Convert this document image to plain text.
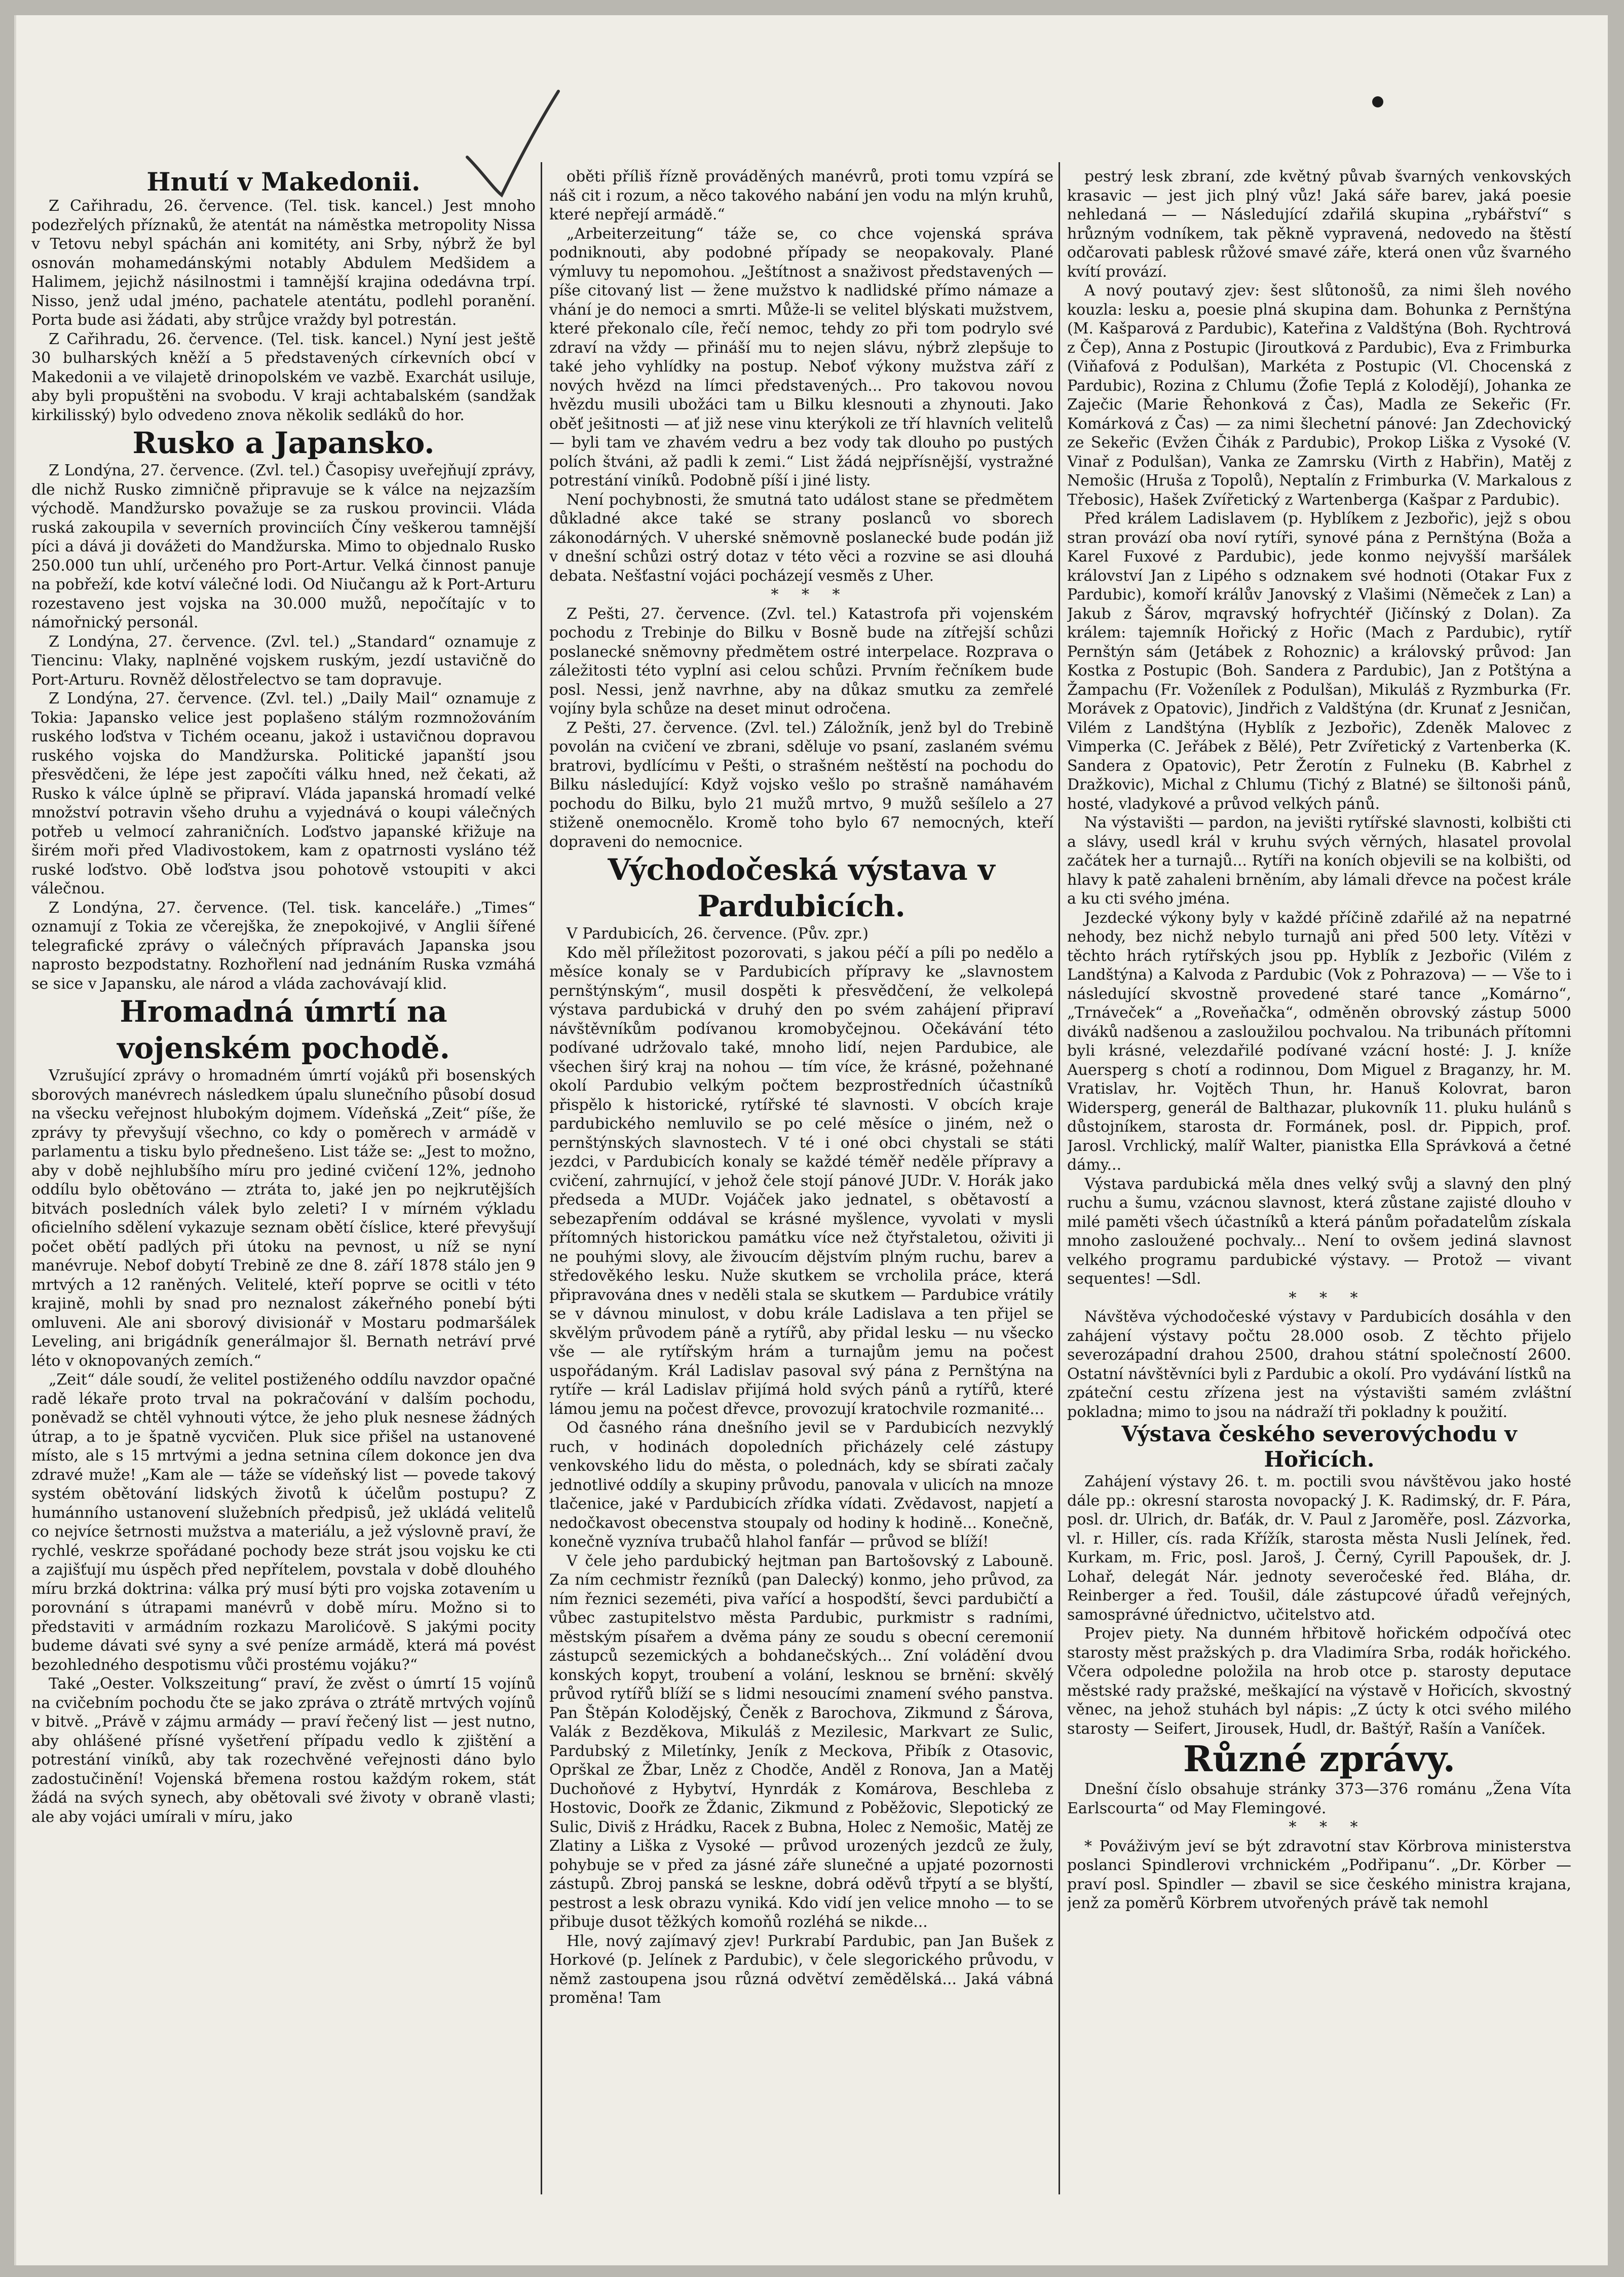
Hnutí v Makedonii.

Z Cařihradu, 26. července. (Tel. tisk. kancel.) Jest mnoho podezřelých příznaků, že atentát na náměstka metropolity Nissa v Tetovu nebyl spáchán ani komitéty, ani Srby, nýbrž že byl osnován mohamedánskými notably Abdulem Medšidem a Halimem, jejichž násilnostmi i tamnější krajina odedávna trpí. Nisso, jenž udal jméno, pachatele atentátu, podlehl poranění. Porta bude asi žádati, aby strůjce vraždy byl potrestán.

Z Cařihradu, 26. července. (Tel. tisk. kancel.) Nyní jest ještě 30 bulharských kněží a 5 představených církevních obcí v Makedonii a ve vilajetě drinopolském ve vazbě. Exarchát usiluje, aby byli propuštěni na svobodu. V kraji achtabalském (sandžak kirkilisský) bylo odvedeno znova několik sedláků do hor.

Rusko a Japansko.

Z Londýna, 27. července. (Zvl. tel.) Časopisy uveřejňují zprávy, dle nichž Rusko zimničně připravuje se k válce na nejzazším východě. Mandžursko považuje se za ruskou provincii. Vláda ruská zakoupila v severních provinciích Číny veškerou tamnější píci a dává ji dovážeti do Mandžurska. Mimo to objednalo Rusko 250.000 tun uhlí, určeného pro Port-Artur. Velká činnost panuje na pobřeží, kde kotví válečné lodi. Od Niučangu až k Port-Arturu rozestaveno jest vojska na 30.000 mužů, nepočítajíc v to námořnický personál.

Z Londýna, 27. července. (Zvl. tel.) „Standard“ oznamuje z Tiencinu: Vlaky, naplněné vojskem ruským, jezdí ustavičně do Port-Arturu. Rovněž dělostřelectvo se tam dopravuje.

Z Londýna, 27. července. (Zvl. tel.) „Daily Mail“ oznamuje z Tokia: Japansko velice jest poplašeno stálým rozmnožováním ruského loďstva v Tichém oceanu, jakož i ustavičnou dopravou ruského vojska do Mandžurska. Politické japanští jsou přesvědčeni, že lépe jest započíti válku hned, než čekati, až Rusko k válce úplně se připraví. Vláda japanská hromadí velké množství potravin všeho druhu a vyjednává o koupi válečných potřeb u velmocí zahraničních. Loďstvo japanské křižuje na širém moři před Vladivostokem, kam z opatrnosti vysláno též ruské loďstvo. Obě loďstva jsou pohotově vstoupiti v akci válečnou.

Z Londýna, 27. července. (Tel. tisk. kanceláře.) „Times“ oznamují z Tokia ze včerejška, že znepokojivé, v Anglii šířené telegrafické zprávy o válečných přípravách Japanska jsou naprosto bezpodstatny. Rozhořlení nad jednáním Ruska vzmáhá se sice v Japansku, ale národ a vláda zachovávají klid.

Hromadná úmrtí na vojenském pochodě.

Vzrušující zprávy o hromadném úmrtí vojáků při bosenských sborových manévrech následkem úpalu slunečního působí dosud na všecku veřejnost hlubokým dojmem. Vídeňská „Zeit“ píše, že zprávy ty převyšují všechno, co kdy o poměrech v armádě v parlamentu a tisku bylo přednešeno. List táže se: „Jest to možno, aby v době nejhlubšího míru pro jediné cvičení 12%, jednoho oddílu bylo obětováno — ztráta to, jaké jen po nejkrutějších bitvách posledních válek bylo zeleti? I v mírném výkladu oficielního sdělení vykazuje seznam obětí číslice, které převyšují počet obětí padlých při útoku na pevnost, u níž se nyní manévruje. Nebof dobytí Trebině ze dne 8. září 1878 stálo jen 9 mrtvých a 12 raněných. Velitelé, kteří poprve se ocitli v této krajině, mohli by snad pro neznalost zákeřného ponebí býti omluveni. Ale ani sborový divisionář v Mostaru podmaršálek Leveling, ani brigádník generálmajor šl. Bernath netráví prvé léto v oknopovaných zemích.“

„Zeit“ dále soudí, že velitel postiženého oddílu navzdor opačné radě lékaře proto trval na pokračování v dalším pochodu, poněvadž se chtěl vyhnouti výtce, že jeho pluk nesnese žádných útrap, a to je špatně vycvičen. Pluk sice přišel na ustanovené místo, ale s 15 mrtvými a jedna setnina cílem dokonce jen dva zdravé muže! „Kam ale — táže se vídeňský list — povede takový systém obětování lidských životů k účelům postupu? Z humánního ustanovení služebních předpisů, jež ukládá velitelů co nejvíce šetrnosti mužstva a materiálu, a jež výslovně praví, že rychlé, veskrze spořádané pochody beze strát jsou vojsku ke cti a zajišťují mu úspěch před nepřítelem, povstala v době dlouhého míru brzká doktrina: válka prý musí býti pro vojska zotavením u porovnání s útrapami manévrů v době míru. Možno si to představiti v armádním rozkazu Marolićově. S jakými pocity budeme dávati své syny a své peníze armádě, která má povést bezohledného despotismu vůči prostému vojáku?“

Také „Oester. Volkszeitung“ praví, že zvěst o úmrtí 15 vojínů na cvičebním pochodu čte se jako zpráva o ztrátě mrtvých vojínů v bitvě. „Právě v zájmu armády — praví řečený list — jest nutno, aby ohlášené přísné vyšetření případu vedlo k zjištění a potrestání viníků, aby tak rozechvěné veřejnosti dáno bylo zadostučinění! Vojenská břemena rostou každým rokem, stát žádá na svých synech, aby obětovali své životy v obraně vlasti; ale aby vojáci umírali v míru, jako

oběti příliš řízně prováděných manévrů, proti tomu vzpírá se náš cit i rozum, a něco takového nabání jen vodu na mlýn kruhů, které nepřejí armádě.“

„Arbeiterzeitung“ táže se, co chce vojenská správa podniknouti, aby podobné případy se neopakovaly. Plané výmluvy tu nepomohou. „Ještítnost a snaživost představených — píše citovaný list — žene mužstvo k nadlidské přímo námaze a vhání je do nemoci a smrti. Může-li se velitel blýskati mužstvem, které překonalo cíle, řečí nemoc, tehdy zo při tom podrylo své zdraví na vždy — přináší mu to nejen slávu, nýbrž zlepšuje to také jeho vyhlídky na postup. Neboť výkony mužstva září z nových hvězd na límci představených... Pro takovou novou hvězdu musili ubožáci tam u Bilku klesnouti a zhynouti. Jako oběť ješitnosti — ať již nese vinu kterýkoli ze tří hlavních velitelů — byli tam ve zhavém vedru a bez vody tak dlouho po pustých polích štváni, až padli k zemi.“ List žádá nejpřísnější, vystražné potrestání viníků. Podobně píší i jiné listy.

Není pochybnosti, že smutná tato událost stane se předmětem důkladné akce také se strany poslanců vo sborech zákonodárných. V uherské sněmovně poslanecké bude podán již v dnešní schůzi ostrý dotaz v této věci a rozvine se asi dlouhá debata. Nešťastní vojáci pocházejí vesměs z Uher.

* * *

Z Pešti, 27. července. (Zvl. tel.) Katastrofa při vojenském pochodu z Trebinje do Bilku v Bosně bude na zítřejší schůzi poslanecké sněmovny předmětem ostré interpelace. Rozprava o záležitosti této vyplní asi celou schůzi. Prvním řečníkem bude posl. Nessi, jenž navrhne, aby na důkaz smutku za zemřelé vojíny byla schůze na deset minut odročena.

Z Pešti, 27. července. (Zvl. tel.) Záložník, jenž byl do Trebině povolán na cvičení ve zbrani, sděluje vo psaní, zaslaném svému bratrovi, bydlícímu v Pešti, o strašném neštěstí na pochodu do Bilku následující: Když vojsko vešlo po strašně namáhavém pochodu do Bilku, bylo 21 mužů mrtvo, 9 mužů sešílelo a 27 stiženě onemocnělo. Kromě toho bylo 67 nemocných, kteří dopraveni do nemocnice.

Východočeská výstava v Pardubicích.

V Pardubicích, 26. července. (Pův. zpr.)

Kdo měl příležitost pozorovati, s jakou péčí a píli po nedělo a měsíce konaly se v Pardubicích přípravy ke „slavnostem pernštýnským“, musil dospěti k přesvědčení, že velkolepá výstava pardubická v druhý den po svém zahájení připraví návštěvníkům podívanou kromobyčejnou. Očekávání této podívané udržovalo také, mnoho lidí, nejen Pardubice, ale všechen širý kraj na nohou — tím více, že krásné, požehnané okolí Pardubio velkým počtem bezprostředních účastníků přispělo k historické, rytířské té slavnosti. V obcích kraje pardubického nemluvilo se po celé měsíce o jiném, než o pernštýnských slavnostech. V té i oné obci chystali se státi jezdci, v Pardubicích konaly se každé téměř neděle přípravy a cvičení, zahrnující, v jehož čele stojí pánové JUDr. V. Horák jako předseda a MUDr. Vojáček jako jednatel, s obětavostí a sebezapřením oddával se krásné myšlence, vyvolati v mysli přítomných historickou památku více než čtyřstaletou, oživiti ji ne pouhými slovy, ale živoucím dějstvím plným ruchu, barev a středověkého lesku. Nuže skutkem se vrcholila práce, která připravována dnes v neděli stala se skutkem — Pardubice vrátily se v dávnou minulost, v dobu krále Ladislava a ten přijel se skvělým průvodem páně a rytířů, aby přidal lesku — nu všecko vše — ale rytířským hrám a turnajům jemu na počest uspořádaným. Král Ladislav pasoval svý pána z Pernštýna na rytíře — král Ladislav přijímá hold svých pánů a rytířů, které lámou jemu na počest dřevce, provozují kratochvile rozmanité...

Od časného rána dnešního jevil se v Pardubicích nezvyklý ruch, v hodinách dopoledních přicházely celé zástupy venkovského lidu do města, o polednách, kdy se sbírati začaly jednotlivé oddíly a skupiny průvodu, panovala v ulicích na mnoze tlačenice, jaké v Pardubicích zřídka vídati. Zvědavost, napjetí a nedočkavost obecenstva stoupaly od hodiny k hodině... Konečně, konečně vyzníva trubačů hlahol fanfár — průvod se blíží!

V čele jeho pardubický hejtman pan Bartošovský z Labouně. Za ním cechmistr řezníků (pan Dalecký) konmo, jeho průvod, za ním řeznici sezeméti, piva vařící a hospodští, ševci pardubičtí a vůbec zastupitelstvo města Pardubic, purkmistr s radními, městským písařem a dvěma pány ze soudu s obecní ceremonií zástupců sezemických a bohdanečských... Zní voládění dvou konských kopyt, troubení a volání, lesknou se brnění: skvělý průvod rytířů blíží se s lidmi nesoucími znamení svého panstva. Pan Štěpán Kolodějský, Čeněk z Barochova, Zikmund z Šárova, Valák z Bezděkova, Mikuláš z Mezilesic, Markvart ze Sulic, Pardubský z Miletínky, Jeník z Meckova, Přibík z Otasovic, Oprškal ze Žbar, Lněz z Chodče, Anděl z Ronova, Jan a Matěj Duchoňové z Hybytví, Hynrdák z Komárova, Beschleba z Hostovic, Doořk ze Ždanic, Zikmund z Poběžovic, Slepotický ze Sulic, Diviš z Hrádku, Racek z Bubna, Holec z Nemošic, Matěj ze Zlatiny a Liška z Vysoké — průvod urozených jezdců ze žuly, pohybuje se v před za jásné záře slunečné a upjaté pozornosti zástupů. Zbroj panská se leskne, dobrá oděvů třpytí a se blyští, pestrost a lesk obrazu vyniká. Kdo vidí jen velice mnoho — to se přibuje dusot těžkých komoňů rozléhá se nikde...

Hle, nový zajímavý zjev! Purkrabí Pardubic, pan Jan Bušek z Horkové (p. Jelínek z Pardubic), v čele slegorického průvodu, v němž zastoupena jsou různá odvětví zemědělská... Jaká vábná proměna! Tam

pestrý lesk zbraní, zde květný půvab švarných venkovských krasavic — jest jich plný vůz! Jaká sáře barev, jaká poesie nehledaná — — Následující zdařilá skupina „rybářství“ s hrůzným vodníkem, tak pěkně vypravená, nedovedo na štěstí odčarovati pablesk růžové smavé záře, která onen vůz švarného kvítí provází.

A nový poutavý zjev: šest slůtonošů, za nimi šleh nového kouzla: lesku a, poesie plná skupina dam. Bohunka z Pernštýna (M. Kašparová z Pardubic), Kateřina z Valdštýna (Boh. Rychtrová z Čep), Anna z Postupic (Jiroutková z Pardubic), Eva z Frimburka (Viňafová z Podulšan), Markéta z Postupic (Vl. Chocenská z Pardubic), Rozina z Chlumu (Žofie Teplá z Kolodějí), Johanka ze Zaječic (Marie Řehonková z Čas), Madla ze Sekeřic (Fr. Komárková z Čas) — za nimi šlechetní pánové: Jan Zdechovický ze Sekeřic (Evžen Čihák z Pardubic), Prokop Liška z Vysoké (V. Vinař z Podulšan), Vanka ze Zamrsku (Virth z Habřin), Matěj z Nemošic (Hruša z Topolů), Neptalín z Frimburka (V. Markalous z Třebosic), Hašek Zvířetický z Wartenberga (Kašpar z Pardubic).

Před králem Ladislavem (p. Hyblíkem z Jezbořic), jejž s obou stran provází oba noví rytíři, synové pána z Pernštýna (Boža a Karel Fuxové z Pardubic), jede konmo nejvyšší maršálek království Jan z Lipého s odznakem své hodnoti (Otakar Fux z Pardubic), komoří králův Janovský z Vlašimi (Němeček z Lan) a Jakub z Šárov, mqravský hofrychtéř (Jičínský z Dolan). Za králem: tajemník Hořický z Hořic (Mach z Pardubic), rytíř Pernštýn sám (Jetábek z Rohoznic) a královský průvod: Jan Kostka z Postupic (Boh. Sandera z Pardubic), Jan z Potštýna a Žampachu (Fr. Voženílek z Podulšan), Mikuláš z Ryzmburka (Fr. Morávek z Opatovic), Jindřich z Valdštýna (dr. Krunať z Jesničan, Vilém z Landštýna (Hyblík z Jezbořic), Zdeněk Malovec z Vimperka (C. Jeřábek z Bělé), Petr Zvířetický z Vartenberka (K. Sandera z Opatovic), Petr Žerotín z Fulneku (B. Kabrhel z Dražkovic), Michal z Chlumu (Tichý z Blatné) se šiltonoši pánů, hosté, vladykové a průvod velkých pánů.

Na výstavišti — pardon, na jevišti rytířské slavnosti, kolbišti cti a slávy, usedl král v kruhu svých věrných, hlasatel provolal začátek her a turnajů... Rytíři na koních objevili se na kolbišti, od hlavy k patě zahaleni brněním, aby lámali dřevce na počest krále a ku cti svého jména.

Jezdecké výkony byly v každé příčině zdařilé až na nepatrné nehody, bez nichž nebylo turnajů ani před 500 lety. Vítězi v těchto hrách rytířských jsou pp. Hyblík z Jezbořic (Vilém z Landštýna) a Kalvoda z Pardubic (Vok z Pohrazova) — — Vše to i následující skvostně provedené staré tance „Komárno“, „Trnáveček“ a „Roveňačka“, odměněn obrovský zástup 5000 diváků nadšenou a zasloužilou pochvalou. Na tribunách přítomni byli krásné, velezdařilé podívané vzácní hosté: J. J. kníže Auersperg s chotí a rodinnou, Dom Miguel z Braganzy, hr. M. Vratislav, hr. Vojtěch Thun, hr. Hanuš Kolovrat, baron Widersperg, generál de Balthazar, plukovník 11. pluku hulánů s důstojníkem, starosta dr. Formánek, posl. dr. Pippich, prof. Jarosl. Vrchlický, malíř Walter, pianistka Ella Správková a četné dámy...

Výstava pardubická měla dnes velký svůj a slavný den plný ruchu a šumu, vzácnou slavnost, která zůstane zajisté dlouho v milé paměti všech účastníků a která pánům pořadatelům získala mnoho zasloužené pochvaly... Není to ovšem jediná slavnost velkého programu pardubické výstavy. — Protož — vivant sequentes! —Sdl.

* * *

Návštěva východočeské výstavy v Pardubicích dosáhla v den zahájení výstavy počtu 28.000 osob. Z těchto přijelo severozápadní drahou 2500, drahou státní společností 2600. Ostatní návštěvníci byli z Pardubic a okolí. Pro vydávání lístků na zpáteční cestu zřízena jest na výstavišti samém zvláštní pokladna; mimo to jsou na nádraží tři pokladny k použití.

Výstava českého severovýchodu v Hořicích.

Zahájení výstavy 26. t. m. poctili svou návštěvou jako hosté dále pp.: okresní starosta novopacký J. K. Radimský, dr. F. Pára, posl. dr. Ulrich, dr. Baťák, dr. V. Paul z Jaroměře, posl. Zázvorka, vl. r. Hiller, cís. rada Křížík, starosta města Nusli Jelínek, řed. Kurkam, m. Fric, posl. Jaroš, J. Černý, Cyrill Papoušek, dr. J. Lohař, delegát Nár. jednoty severočeské řed. Bláha, dr. Reinberger a řed. Toušil, dále zástupcové úřadů veřejných, samosprávné úřednictvo, učitelstvo atd.

Projev piety. Na dunném hřbitově hořickém odpočívá otec starosty měst pražských p. dra Vladimíra Srba, rodák hořického. Včera odpoledne položila na hrob otce p. starosty deputace městské rady pražské, meškající na výstavě v Hořicích, skvostný věnec, na jehož stuhách byl nápis: „Z úcty k otci svého milého starosty — Seifert, Jirousek, Hudl, dr. Baštýř, Rašín a Vaníček.

Různé zprávy.

Dnešní číslo obsahuje stránky 373—376 románu „Žena Víta Earlscourta“ od May Flemingové.

* * *

* Pováživým jeví se být zdravotní stav Körbrova ministerstva poslanci Spindlerovi vrchnickém „Podřipanu“. „Dr. Körber — praví posl. Spindler — zbavil se sice českého ministra krajana, jenž za poměrů Körbrem utvořených právě tak nemohl
